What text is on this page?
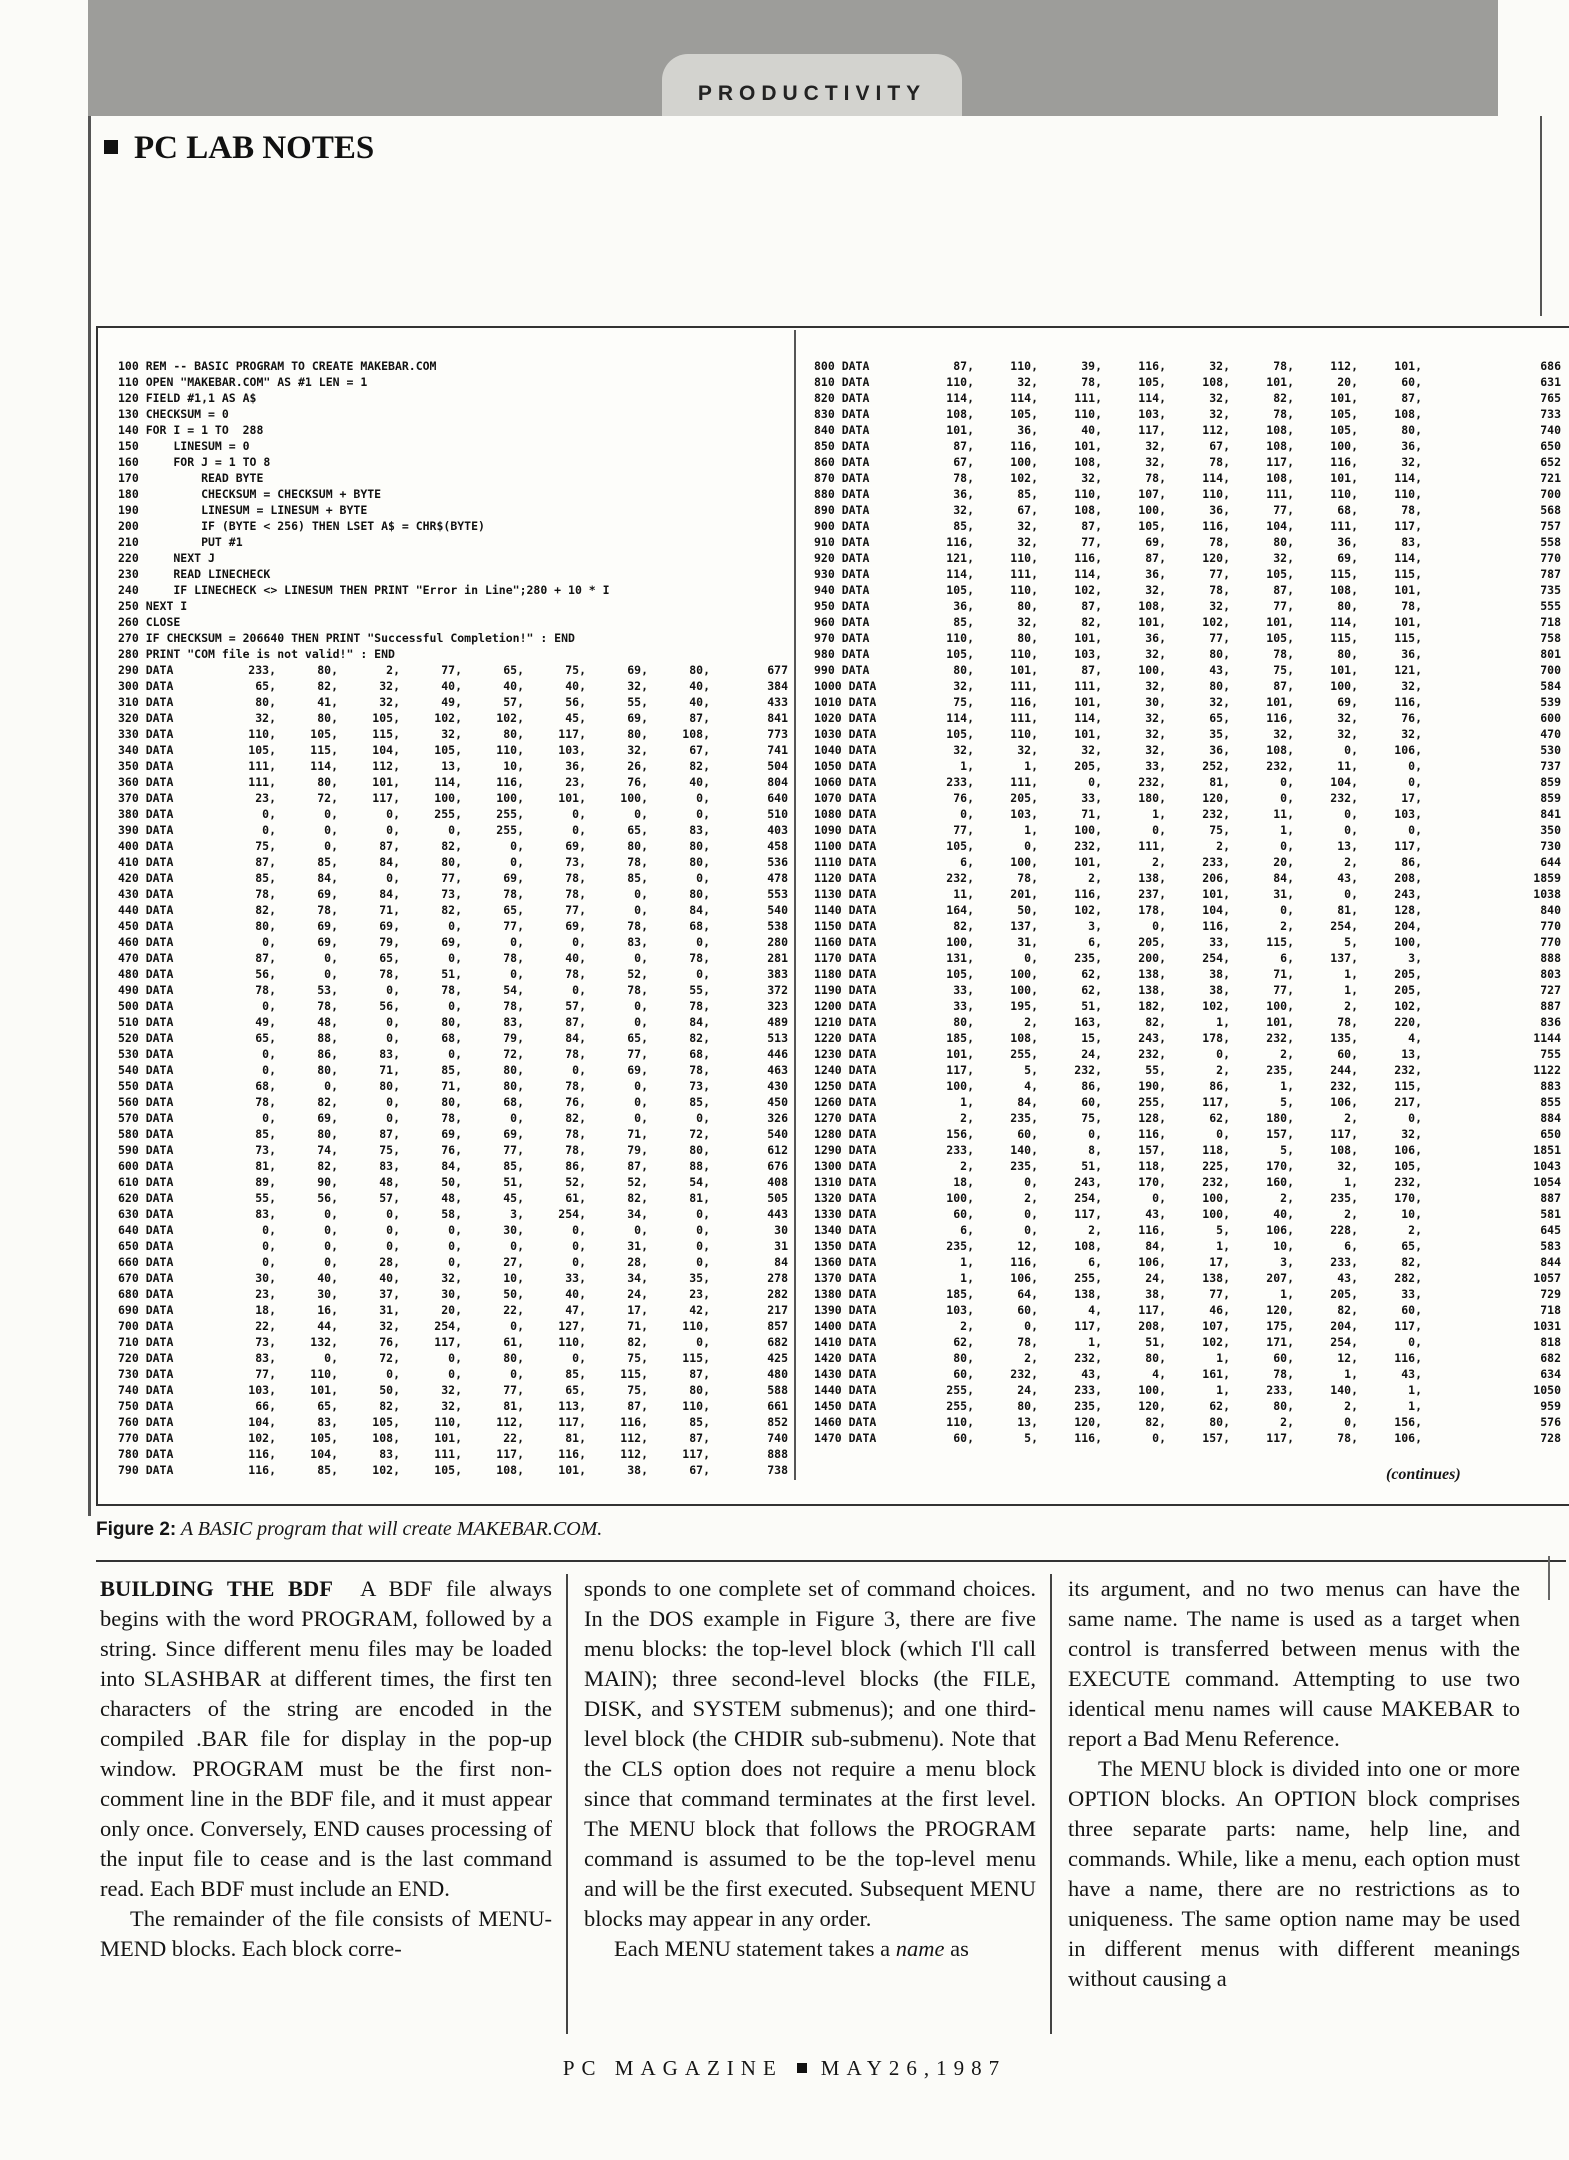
PRODUCTIVITY
PC LAB NOTES
100 REM -- BASIC PROGRAM TO CREATE MAKEBAR.COM
110 OPEN "MAKEBAR.COM" AS #1 LEN = 1
120 FIELD #1,1 AS A$
130 CHECKSUM = 0
140 FOR I = 1 TO  288
150     LINESUM = 0
160     FOR J = 1 TO 8
170         READ BYTE
180         CHECKSUM = CHECKSUM + BYTE
190         LINESUM = LINESUM + BYTE
200         IF (BYTE < 256) THEN LSET A$ = CHR$(BYTE)
210         PUT #1
220     NEXT J
230     READ LINECHECK
240     IF LINECHECK <> LINESUM THEN PRINT "Error in Line";280 + 10 * I
250 NEXT I
260 CLOSE
270 IF CHECKSUM = 206640 THEN PRINT "Successful Completion!" : END
280 PRINT "COM file is not valid!" : END
290 DATA	233,	80,	2,	77,	65,	75,	69,	80,	677
300 DATA	65,	82,	32,	40,	40,	40,	32,	40,	384
310 DATA	80,	41,	32,	49,	57,	56,	55,	40,	433
320 DATA	32,	80,	105,	102,	102,	45,	69,	87,	841
330 DATA	110,	105,	115,	32,	80,	117,	80,	108,	773
340 DATA	105,	115,	104,	105,	110,	103,	32,	67,	741
350 DATA	111,	114,	112,	13,	10,	36,	26,	82,	504
360 DATA	111,	80,	101,	114,	116,	23,	76,	40,	804
370 DATA	23,	72,	117,	100,	100,	101,	100,	0,	640
380 DATA	0,	0,	0,	255,	255,	0,	0,	0,	510
390 DATA	0,	0,	0,	0,	255,	0,	65,	83,	403
400 DATA	75,	0,	87,	82,	0,	69,	80,	80,	458
410 DATA	87,	85,	84,	80,	0,	73,	78,	80,	536
420 DATA	85,	84,	0,	77,	69,	78,	85,	0,	478
430 DATA	78,	69,	84,	73,	78,	78,	0,	80,	553
440 DATA	82,	78,	71,	82,	65,	77,	0,	84,	540
450 DATA	80,	69,	69,	0,	77,	69,	78,	68,	538
460 DATA	0,	69,	79,	69,	0,	0,	83,	0,	280
470 DATA	87,	0,	65,	0,	78,	40,	0,	78,	281
480 DATA	56,	0,	78,	51,	0,	78,	52,	0,	383
490 DATA	78,	53,	0,	78,	54,	0,	78,	55,	372
500 DATA	0,	78,	56,	0,	78,	57,	0,	78,	323
510 DATA	49,	48,	0,	80,	83,	87,	0,	84,	489
520 DATA	65,	88,	0,	68,	79,	84,	65,	82,	513
530 DATA	0,	86,	83,	0,	72,	78,	77,	68,	446
540 DATA	0,	80,	71,	85,	80,	0,	69,	78,	463
550 DATA	68,	0,	80,	71,	80,	78,	0,	73,	430
560 DATA	78,	82,	0,	80,	68,	76,	0,	85,	450
570 DATA	0,	69,	0,	78,	0,	82,	0,	0,	326
580 DATA	85,	80,	87,	69,	69,	78,	71,	72,	540
590 DATA	73,	74,	75,	76,	77,	78,	79,	80,	612
600 DATA	81,	82,	83,	84,	85,	86,	87,	88,	676
610 DATA	89,	90,	48,	50,	51,	52,	52,	54,	408
620 DATA	55,	56,	57,	48,	45,	61,	82,	81,	505
630 DATA	83,	0,	0,	58,	3,	254,	34,	0,	443
640 DATA	0,	0,	0,	0,	30,	0,	0,	0,	30
650 DATA	0,	0,	0,	0,	0,	0,	31,	0,	31
660 DATA	0,	0,	28,	0,	27,	0,	28,	0,	84
670 DATA	30,	40,	40,	32,	10,	33,	34,	35,	278
680 DATA	23,	30,	37,	30,	50,	40,	24,	23,	282
690 DATA	18,	16,	31,	20,	22,	47,	17,	42,	217
700 DATA	22,	44,	32,	254,	0,	127,	71,	110,	857
710 DATA	73,	132,	76,	117,	61,	110,	82,	0,	682
720 DATA	83,	0,	72,	0,	80,	0,	75,	115,	425
730 DATA	77,	110,	0,	0,	0,	85,	115,	87,	480
740 DATA	103,	101,	50,	32,	77,	65,	75,	80,	588
750 DATA	66,	65,	82,	32,	81,	113,	87,	110,	661
760 DATA	104,	83,	105,	110,	112,	117,	116,	85,	852
770 DATA	102,	105,	108,	101,	22,	81,	112,	87,	740
780 DATA	116,	104,	83,	111,	117,	116,	112,	117,	888
790 DATA	116,	85,	102,	105,	108,	101,	38,	67,	738
800 DATA	87,	110,	39,	116,	32,	78,	112,	101,	686
810 DATA	110,	32,	78,	105,	108,	101,	20,	60,	631
820 DATA	114,	114,	111,	114,	32,	82,	101,	87,	765
830 DATA	108,	105,	110,	103,	32,	78,	105,	108,	733
840 DATA	101,	36,	40,	117,	112,	108,	105,	80,	740
850 DATA	87,	116,	101,	32,	67,	108,	100,	36,	650
860 DATA	67,	100,	108,	32,	78,	117,	116,	32,	652
870 DATA	78,	102,	32,	78,	114,	108,	101,	114,	721
880 DATA	36,	85,	110,	107,	110,	111,	110,	110,	700
890 DATA	32,	67,	108,	100,	36,	77,	68,	78,	568
900 DATA	85,	32,	87,	105,	116,	104,	111,	117,	757
910 DATA	116,	32,	77,	69,	78,	80,	36,	83,	558
920 DATA	121,	110,	116,	87,	120,	32,	69,	114,	770
930 DATA	114,	111,	114,	36,	77,	105,	115,	115,	787
940 DATA	105,	110,	102,	32,	78,	87,	108,	101,	735
950 DATA	36,	80,	87,	108,	32,	77,	80,	78,	555
960 DATA	85,	32,	82,	101,	102,	101,	114,	101,	718
970 DATA	110,	80,	101,	36,	77,	105,	115,	115,	758
980 DATA	105,	110,	103,	32,	80,	78,	80,	36,	801
990 DATA	80,	101,	87,	100,	43,	75,	101,	121,	700
1000 DATA	32,	111,	111,	32,	80,	87,	100,	32,	584
1010 DATA	75,	116,	101,	30,	32,	101,	69,	116,	539
1020 DATA	114,	111,	114,	32,	65,	116,	32,	76,	600
1030 DATA	105,	110,	101,	32,	35,	32,	32,	32,	470
1040 DATA	32,	32,	32,	32,	36,	108,	0,	106,	530
1050 DATA	1,	1,	205,	33,	252,	232,	11,	0,	737
1060 DATA	233,	111,	0,	232,	81,	0,	104,	0,	859
1070 DATA	76,	205,	33,	180,	120,	0,	232,	17,	859
1080 DATA	0,	103,	71,	1,	232,	11,	0,	103,	841
1090 DATA	77,	1,	100,	0,	75,	1,	0,	0,	350
1100 DATA	105,	0,	232,	111,	2,	0,	13,	117,	730
1110 DATA	6,	100,	101,	2,	233,	20,	2,	86,	644
1120 DATA	232,	78,	2,	138,	206,	84,	43,	208,	1859
1130 DATA	11,	201,	116,	237,	101,	31,	0,	243,	1038
1140 DATA	164,	50,	102,	178,	104,	0,	81,	128,	840
1150 DATA	82,	137,	3,	0,	116,	2,	254,	204,	770
1160 DATA	100,	31,	6,	205,	33,	115,	5,	100,	770
1170 DATA	131,	0,	235,	200,	254,	6,	137,	3,	888
1180 DATA	105,	100,	62,	138,	38,	71,	1,	205,	803
1190 DATA	33,	100,	62,	138,	38,	77,	1,	205,	727
1200 DATA	33,	195,	51,	182,	102,	100,	2,	102,	887
1210 DATA	80,	2,	163,	82,	1,	101,	78,	220,	836
1220 DATA	185,	108,	15,	243,	178,	232,	135,	4,	1144
1230 DATA	101,	255,	24,	232,	0,	2,	60,	13,	755
1240 DATA	117,	5,	232,	55,	2,	235,	244,	232,	1122
1250 DATA	100,	4,	86,	190,	86,	1,	232,	115,	883
1260 DATA	1,	84,	60,	255,	117,	5,	106,	217,	855
1270 DATA	2,	235,	75,	128,	62,	180,	2,	0,	884
1280 DATA	156,	60,	0,	116,	0,	157,	117,	32,	650
1290 DATA	233,	140,	8,	157,	118,	5,	108,	106,	1851
1300 DATA	2,	235,	51,	118,	225,	170,	32,	105,	1043
1310 DATA	18,	0,	243,	170,	232,	160,	1,	232,	1054
1320 DATA	100,	2,	254,	0,	100,	2,	235,	170,	887
1330 DATA	60,	0,	117,	43,	100,	40,	2,	10,	581
1340 DATA	6,	0,	2,	116,	5,	106,	228,	2,	645
1350 DATA	235,	12,	108,	84,	1,	10,	6,	65,	583
1360 DATA	1,	116,	6,	106,	17,	3,	233,	82,	844
1370 DATA	1,	106,	255,	24,	138,	207,	43,	282,	1057
1380 DATA	185,	64,	138,	38,	77,	1,	205,	33,	729
1390 DATA	103,	60,	4,	117,	46,	120,	82,	60,	718
1400 DATA	2,	0,	117,	208,	107,	175,	204,	117,	1031
1410 DATA	62,	78,	1,	51,	102,	171,	254,	0,	818
1420 DATA	80,	2,	232,	80,	1,	60,	12,	116,	682
1430 DATA	60,	232,	43,	4,	161,	78,	1,	43,	634
1440 DATA	255,	24,	233,	100,	1,	233,	140,	1,	1050
1450 DATA	255,	80,	235,	120,	62,	80,	2,	1,	959
1460 DATA	110,	13,	120,	82,	80,	2,	0,	156,	576
1470 DATA	60,	5,	116,	0,	157,	117,	78,	106,	728
(continues)
Figure 2: A BASIC program that will create MAKEBAR.COM.

BUILDING THE BDF A BDF file always begins with the word PROGRAM, followed by a string. Since different menu files may be loaded into SLASHBAR at different times, the first ten characters of the string are encoded in the compiled .BAR file for display in the pop-up window. PROGRAM must be the first non-comment line in the BDF file, and it must appear only once. Conversely, END causes processing of the input file to cease and is the last command read. Each BDF must include an END.

The remainder of the file consists of MENU-MEND blocks. Each block corre-

sponds to one complete set of command choices. In the DOS example in Figure 3, there are five menu blocks: the top-level block (which I'll call MAIN); three second-level blocks (the FILE, DISK, and SYSTEM submenus); and one third-level block (the CHDIR sub-submenu). Note that the CLS option does not require a menu block since that command terminates at the first level. The MENU block that follows the PROGRAM command is assumed to be the top-level menu and will be the first executed. Subsequent MENU blocks may appear in any order.

Each MENU statement takes a name as

its argument, and no two menus can have the same name. The name is used as a target when control is transferred between menus with the EXECUTE command. Attempting to use two identical menu names will cause MAKEBAR to report a Bad Menu Reference.

The MENU block is divided into one or more OPTION blocks. An OPTION block comprises three separate parts: name, help line, and commands. While, like a menu, each option must have a name, there are no restrictions as to uniqueness. The same option name may be used in different menus with different meanings without causing a

PC MAGAZINE MAY26,1987
